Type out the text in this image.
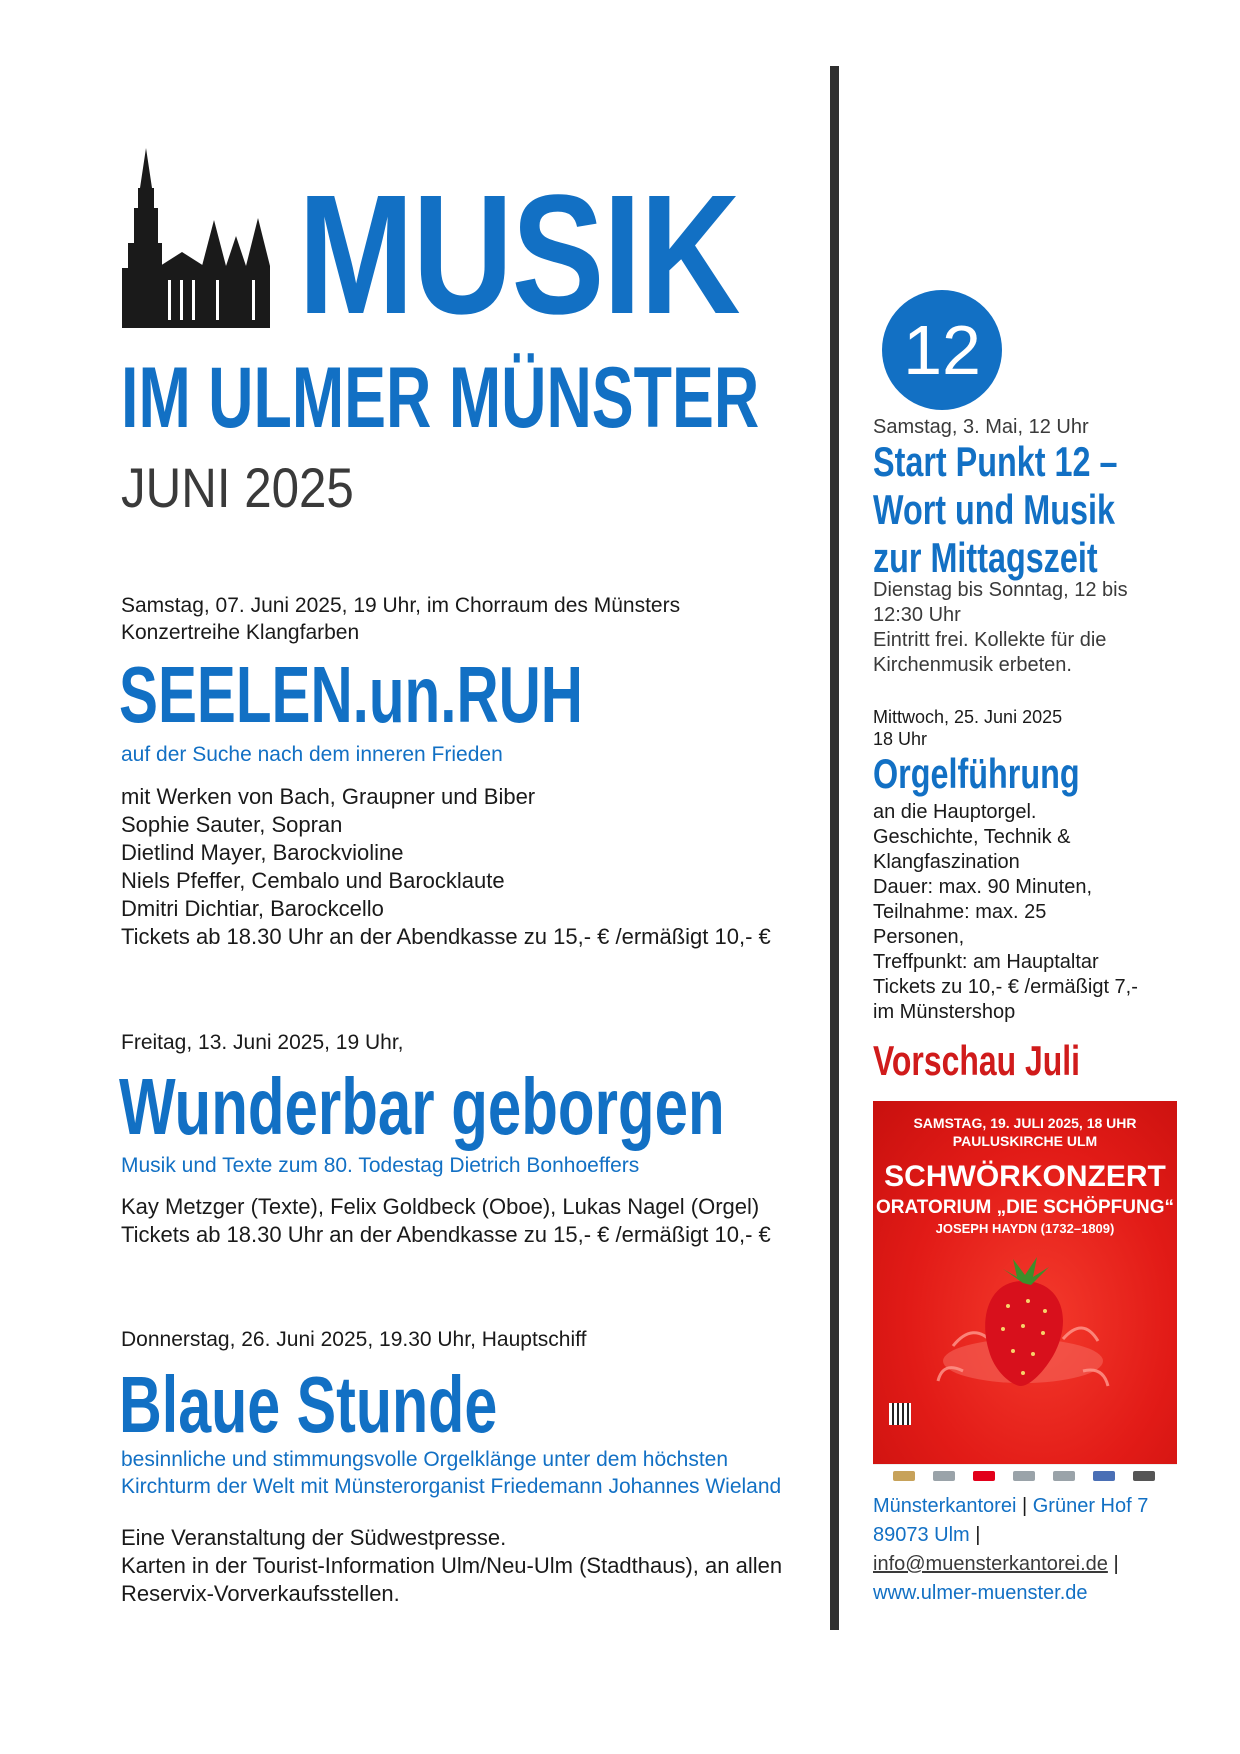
MUSIK
IM ULMER MÜNSTER
JUNI 2025
Samstag, 07. Juni 2025, 19 Uhr, im Chorraum des Münsters
Konzertreihe Klangfarben
SEELEN.un.RUH
auf der Suche nach dem inneren Frieden
mit Werken von Bach, Graupner und Biber
Sophie Sauter, Sopran
Dietlind Mayer, Barockvioline
Niels Pfeffer, Cembalo und Barocklaute
Dmitri Dichtiar, Barockcello
Tickets ab 18.30 Uhr an der Abendkasse zu 15,- € /ermäßigt 10,- €
Freitag, 13. Juni 2025, 19 Uhr,
Wunderbar geborgen
Musik und Texte zum 80. Todestag Dietrich Bonhoeffers
Kay Metzger (Texte), Felix Goldbeck (Oboe), Lukas Nagel (Orgel)
Tickets ab 18.30 Uhr an der Abendkasse zu 15,- € /ermäßigt 10,- €
Donnerstag, 26. Juni 2025, 19.30 Uhr, Hauptschiff
Blaue Stunde
besinnliche und stimmungsvolle Orgelklänge unter dem höchsten
Kirchturm der Welt mit Münsterorganist Friedemann Johannes Wieland
Eine Veranstaltung der Südwestpresse.
Karten in der Tourist-Information Ulm/Neu-Ulm (Stadthaus), an allen
Reservix-Vorverkaufsstellen.
12
Samstag, 3. Mai, 12 Uhr
Start Punkt 12 –
Wort und Musik
zur Mittagszeit
Dienstag bis Sonntag, 12 bis
12:30 Uhr
Eintritt frei. Kollekte für die
Kirchenmusik erbeten.
Mittwoch, 25. Juni 2025
18 Uhr
Orgelführung
an die Hauptorgel.
Geschichte, Technik &
Klangfaszination
Dauer: max. 90 Minuten,
Teilnahme: max. 25 Personen,
Treffpunkt: am Hauptaltar
Tickets zu 10,- € /ermäßigt 7,-
im Münstershop
Vorschau Juli
SAMSTAG, 19. JULI 2025, 18 UHR
PAULUSKIRCHE ULM
SCHWÖRKONZERT
ORATORIUM „DIE SCHÖPFUNG“
JOSEPH HAYDN (1732–1809)
Münsterkantorei | Grüner Hof 7
89073 Ulm |
info@muensterkantorei.de |
www.ulmer-muenster.de
